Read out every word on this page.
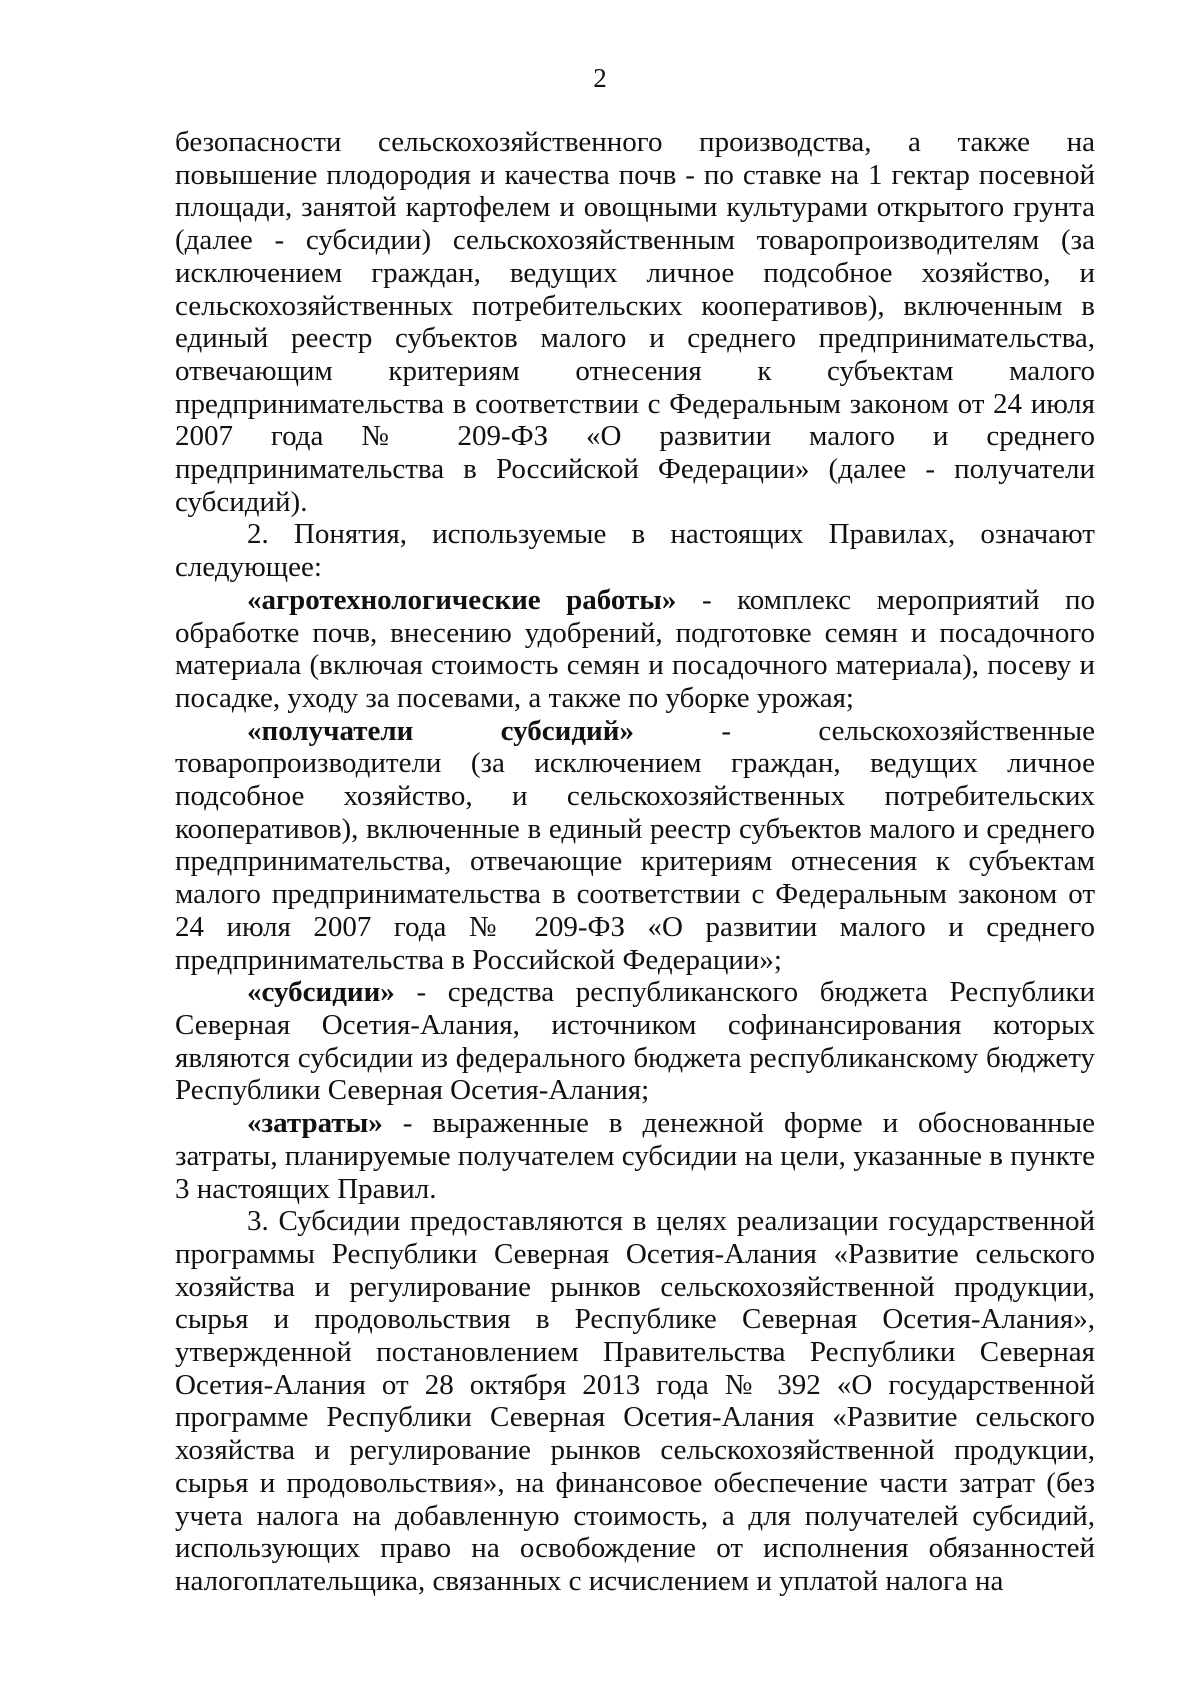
2

безопасности сельскохозяйственного производства, а также на повышение плодородия и качества почв - по ставке на 1 гектар посевной площади, занятой картофелем и овощными культурами открытого грунта (далее - субсидии) сельскохозяйственным товаропроизводителям (за исключением граждан, ведущих личное подсобное хозяйство, и сельскохозяйственных потребительских кооперативов), включенным в единый реестр субъектов малого и среднего предпринимательства, отвечающим критериям отнесения к субъектам малого предпринимательства в соответствии с Федеральным законом от 24 июля 2007 года № 209-ФЗ «О развитии малого и среднего предпринимательства в Российской Федерации» (далее - получатели субсидий).

2. Понятия, используемые в настоящих Правилах, означают следующее:

«агротехнологические работы» - комплекс мероприятий по обработке почв, внесению удобрений, подготовке семян и посадочного материала (включая стоимость семян и посадочного материала), посеву и посадке, уходу за посевами, а также по уборке урожая;

«получатели субсидий» - сельскохозяйственные товаропроизводители (за исключением граждан, ведущих личное подсобное хозяйство, и сельскохозяйственных потребительских кооперативов), включенные в единый реестр субъектов малого и среднего предпринимательства, отвечающие критериям отнесения к субъектам малого предпринимательства в соответствии с Федеральным законом от 24 июля 2007 года № 209-ФЗ «О развитии малого и среднего предпринимательства в Российской Федерации»;

«субсидии» - средства республиканского бюджета Республики Северная Осетия-Алания, источником софинансирования которых являются субсидии из федерального бюджета республиканскому бюджету Республики Северная Осетия-Алания;

«затраты» - выраженные в денежной форме и обоснованные затраты, планируемые получателем субсидии на цели, указанные в пункте 3 настоящих Правил.

3. Субсидии предоставляются в целях реализации государственной программы Республики Северная Осетия-Алания «Развитие сельского хозяйства и регулирование рынков сельскохозяйственной продукции, сырья и продовольствия в Республике Северная Осетия-Алания», утвержденной постановлением Правительства Республики Северная Осетия-Алания от 28 октября 2013 года № 392 «О государственной программе Республики Северная Осетия-Алания «Развитие сельского хозяйства и регулирование рынков сельскохозяйственной продукции, сырья и продовольствия», на финансовое обеспечение части затрат (без учета налога на добавленную стоимость, а для получателей субсидий, использующих право на освобождение от исполнения обязанностей налогоплательщика, связанных с исчислением и уплатой налога на
